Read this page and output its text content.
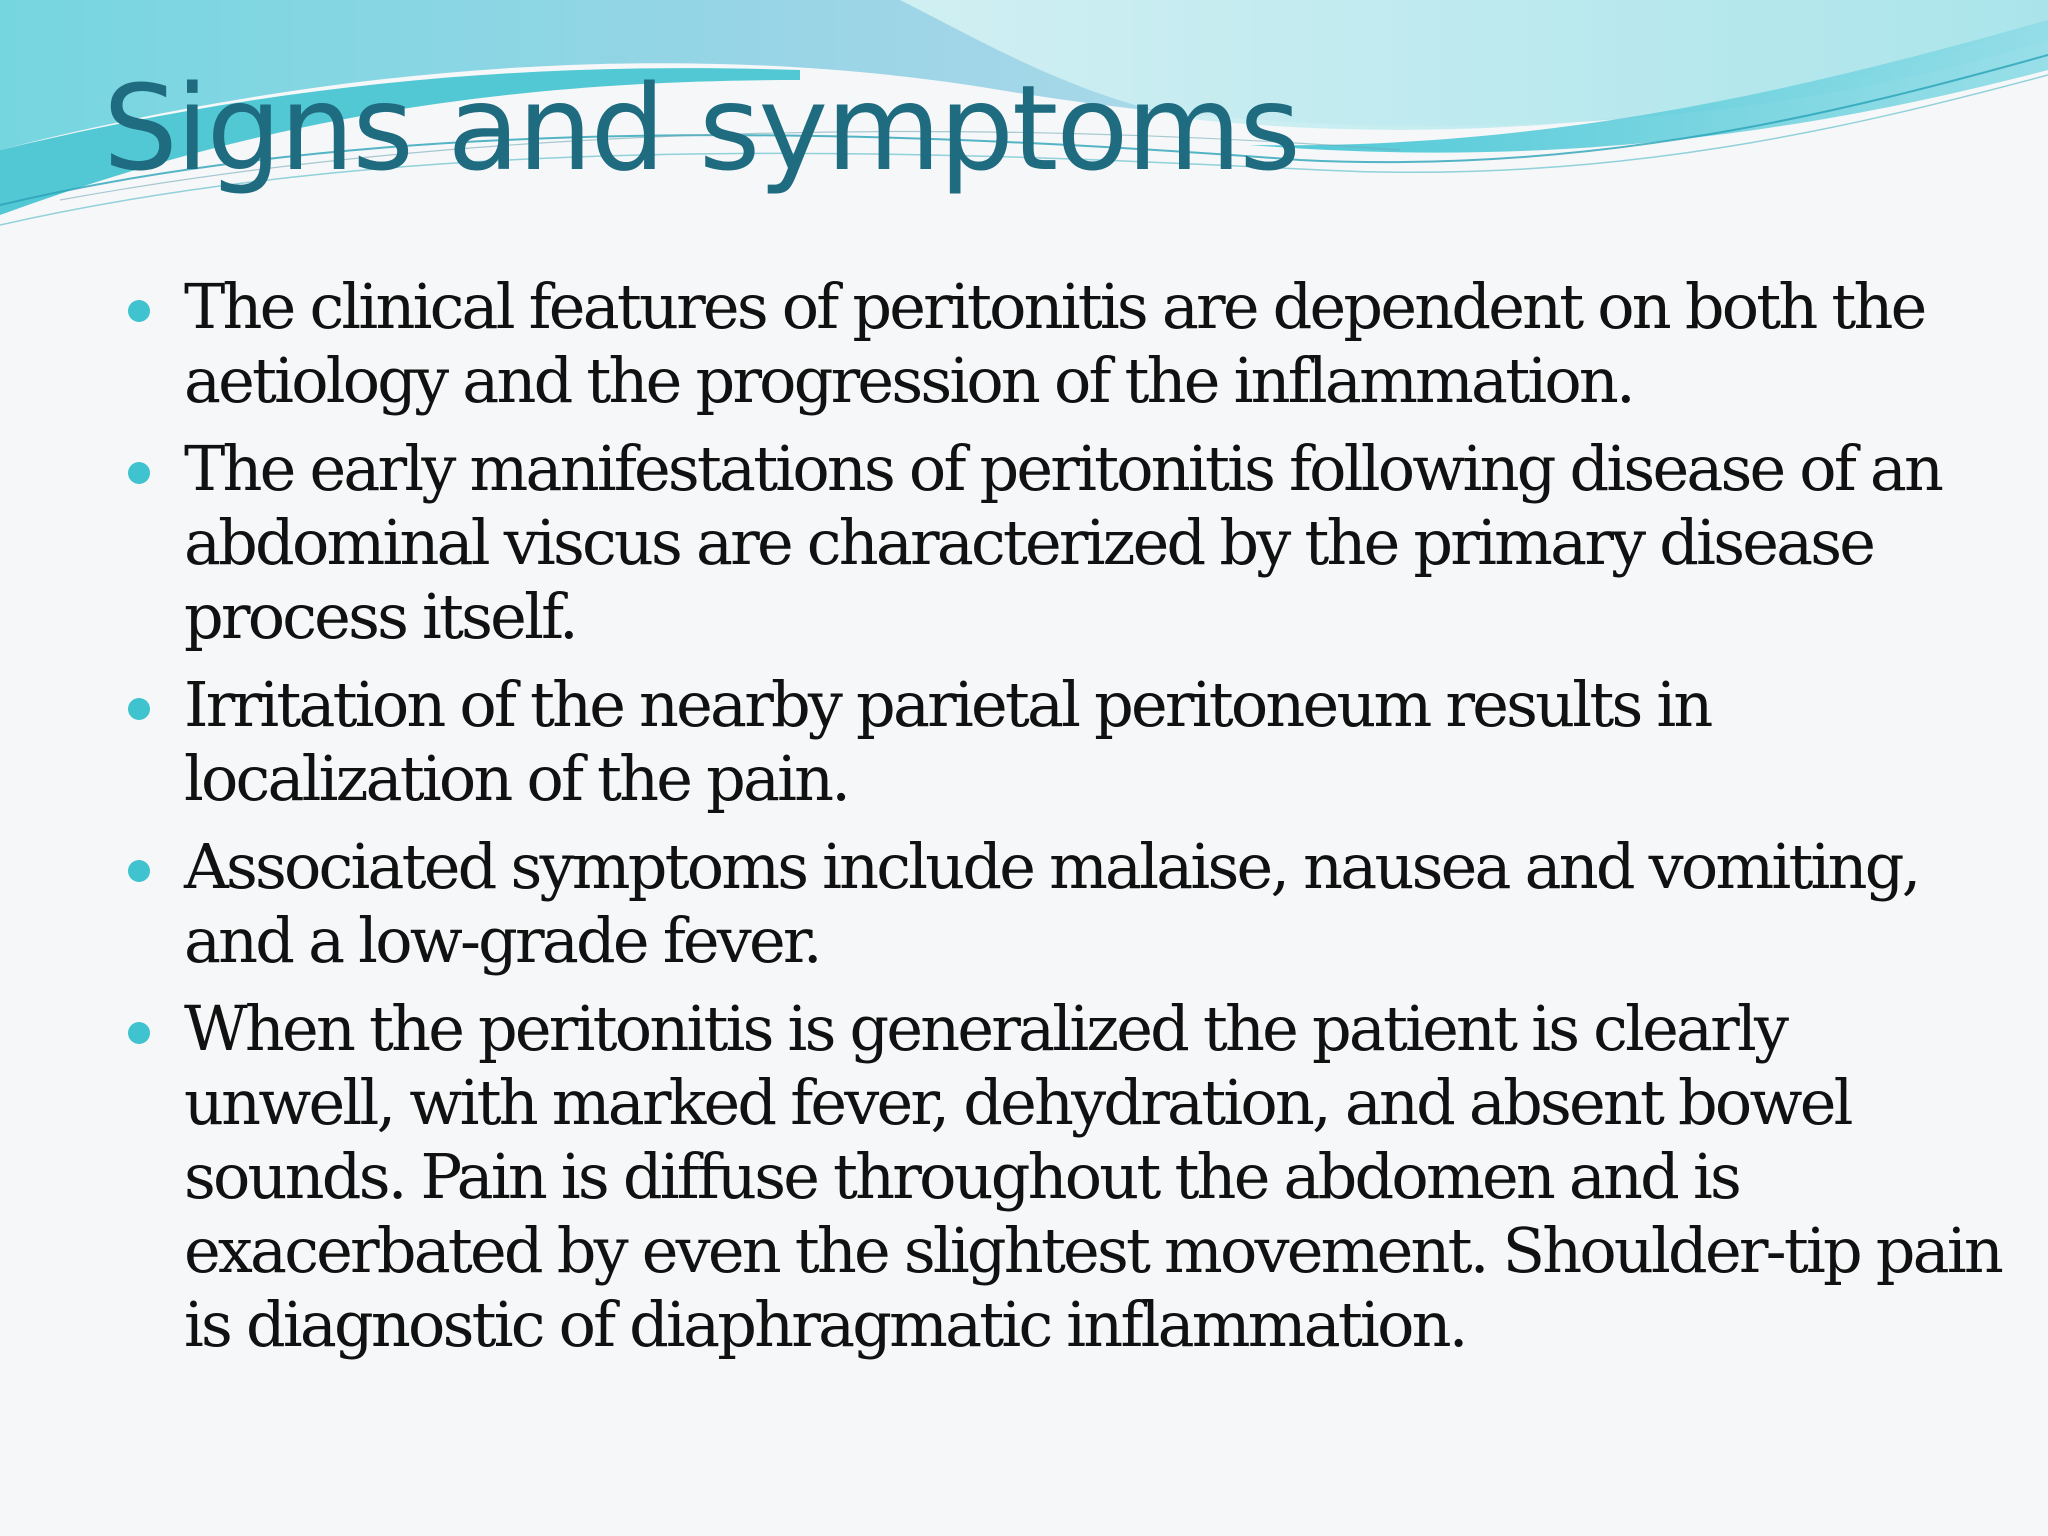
Signs and symptoms
The clinical features of peritonitis are dependent on both the aetiology and the progression of the inflammation.
The early manifestations of peritonitis following disease of an abdominal viscus are characterized by the primary disease process itself.
Irritation of the nearby parietal peritoneum results in localization of the pain.
Associated symptoms include malaise, nausea and vomiting, and a low-grade fever.
When the peritonitis is generalized the patient is clearly unwell, with marked fever, dehydration, and absent bowel sounds. Pain is diffuse throughout the abdomen and is exacerbated by even the slightest movement. Shoulder-tip pain is diagnostic of diaphragmatic inflammation.
